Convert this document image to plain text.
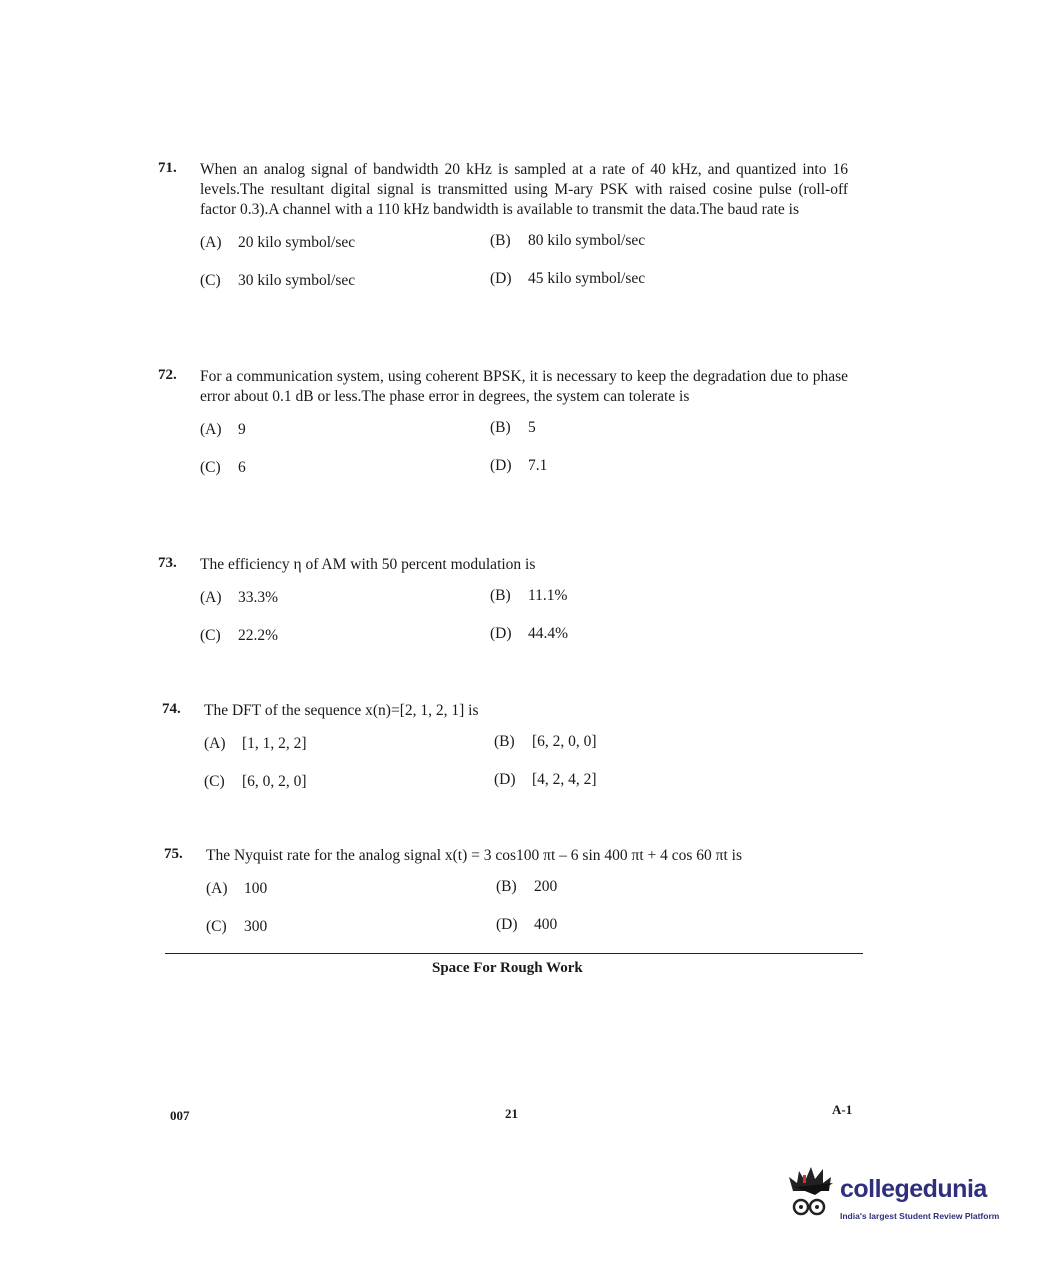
71. When an analog signal of bandwidth 20 kHz is sampled at a rate of 40 kHz, and quantized into 16 levels.The resultant digital signal is transmitted using M-ary PSK with raised cosine pulse (roll-off factor 0.3).A channel with a 110 kHz bandwidth is available to transmit the data.The baud rate is
(A) 20 kilo symbol/sec	(B) 80 kilo symbol/sec
(C) 30 kilo symbol/sec	(D) 45 kilo symbol/sec
72. For a communication system, using coherent BPSK, it is necessary to keep the degradation due to phase error about 0.1 dB or less.The phase error in degrees, the system can tolerate is
(A) 9	(B) 5
(C) 6	(D) 7.1
73. The efficiency η of AM with 50 percent modulation is
(A) 33.3%	(B) 11.1%
(C) 22.2%	(D) 44.4%
74. The DFT of the sequence x(n)=[2, 1, 2, 1] is
(A) [1, 1, 2, 2]	(B) [6, 2, 0, 0]
(C) [6, 0, 2, 0]	(D) [4, 2, 4, 2]
75. The Nyquist rate for the analog signal x(t) = 3 cos100 πt – 6 sin 400 πt + 4 cos 60 πt is
(A) 100	(B) 200
(C) 300	(D) 400
Space For Rough Work
007	21	A-1
collegedunia
India's largest Student Review Platform
